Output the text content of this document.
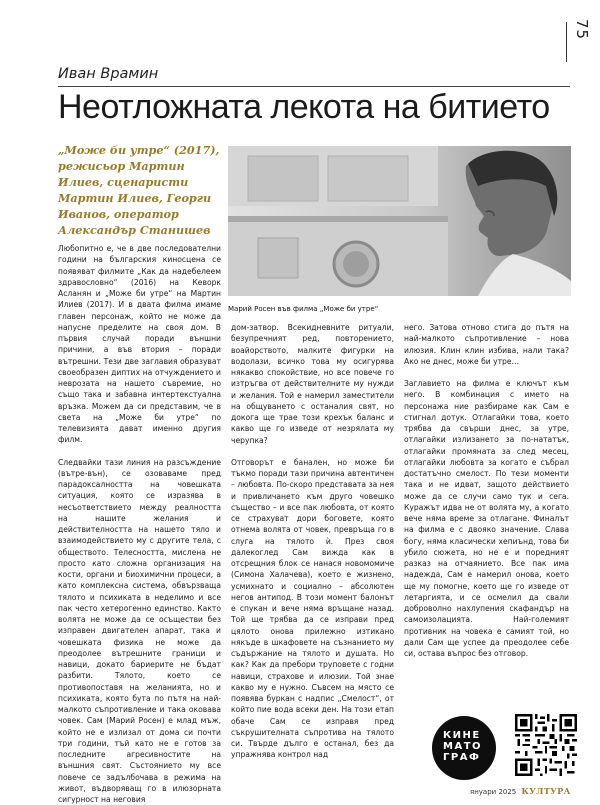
75
Иван Врамин
Неотложната лекота на битието

„Може би утре“ (2017), режисьор Мартин Илиев, сценаристи Мартин Илиев, Георги Иванов, оператор Александър Станишев

Марий Росен във филма „Може би утре“

Любопитно е, че в две последователни години на българския киносцена се появяват филмите „Как да надебелеем здравословно“ (2016) на Кеворк Асланян и „Може би утре“ на Мартин Илиев (2017). И в двата филма имаме главен персонаж, който не може да напусне пределите на своя дом. В първия случай поради външни причини, а във втория – поради вътрешни. Тези две заглавия образуват своеобразен диптих на отчуждението и неврозата на нашето съвремие, но също така и забавна интертекстуална връзка. Можем да си представим, че в света на „Може би утре“ по телевизията дават именно другия филм.

Следвайки тази линия на разсъждение (вътре-вън), се озоваваме пред парадоксалността на човешката ситуация, която се изразява в несъответствието между реалността на нашите желания и действителността на нашето тяло и взаимодействието му с другите тела, с обществото. Телесността, мислена не просто като сложна организация на кости, органи и биохимични процеси, а като комплексна система, обвързваща тялото и психиката в неделимо и все пак често хетерогенно единство. Както волята не може да се осъществи без изправен двигателен апарат, така и човешката физика не може да преодолее вътрешните граници и навици, докато бариерите не бъдат разбити. Тялото, което се противопоставя на желанията, но и психиката, която бута по пътя на най-малкото съпротивление и така оковава човек. Сам (Марий Росен) е млад мъж, който не е излизал от дома си почти три години, тъй като не е готов за последните агресивностите на външния свят. Състоянието му все повече се задълбочава в режима на живот, въдворяващ го в илюзорната сигурност на неговия

дом-затвор. Всекидневните ритуали, безупречният ред, повторението, воайорството, малките фигурки на водолази, всичко това му осигурява някакво спокойствие, но все повече го изтръгва от действителните му нужди и желания. Той е намерил заместители на общуването с останалия свят, но докога ще трае този крехък баланс и какво ще го изведе от незрялата му черупка?

Отговорът е банален, но може би тъкмо поради тази причина автентичен – любовта. По-скоро представата за нея и привличането към друго човешко същество – и все пак любовта, от която се страхуват дори боговете, която отнема волята от човек, превръща го в слуга на тялото ѝ. През своя далекоглед Сам вижда как в отсрещния блок се нанася новомомиче (Симона Халачева), което е жизнено, усмихнато и социално – абсолютен негов антипод. В този момент балонът е спукан и вече няма връщане назад. Той ще трябва да се изправи пред цялото онова прилежно изтикано някъде в шкафовете на съзнанието му съдържание на тялото и душата. Но как? Как да пребори труповете с годни навици, страхове и илюзии. Той знае какво му е нужно. Съвсем на място се появява буркан с надпис „Смелост“, от който пие вода всеки ден. На този етап обаче Сам се изправя пред съкрушителната съпротива на тялото си. Твърде дълго е останал, без да упражнява контрол над

него. Затова отново стига до пътя на най-малкото съпротивление – нова илюзия. Клин клин избива, нали така? Ако не днес, може би утре…

Заглавието на филма е ключът към него. В комбинация с името на персонажа ние разбираме как Сам е стигнал дотук. Отлагайки това, което трябва да свърши днес, за утре, отлагайки излизането за по-нататък, отлагайки промяната за след месец, отлагайки любовта за когато е събрал достатъчно смелост. По тези моменти така и не идват, защото действието може да се случи само тук и сега. Куражът идва не от волята му, а когато вече няма време за отлагане. Финалът на филма е с двояко значение. Слава богу, няма класически хепиънд, това би убило сюжета, но не е и поредният разказ на отчаянието. Все пак има надежда, Сам е намерил онова, което ще му помогне, което ще го изведе от летаргията, и се осмелил да свали доброволно нахлупения скафандър на самоизолацията. Най-големият противник на човека е самият той, но дали Сам ще успее да преодолее себе си, остава въпрос без отговор.

КИНЕ
МАТО
ГРАФ
януари 2025 КУЛТУРА
